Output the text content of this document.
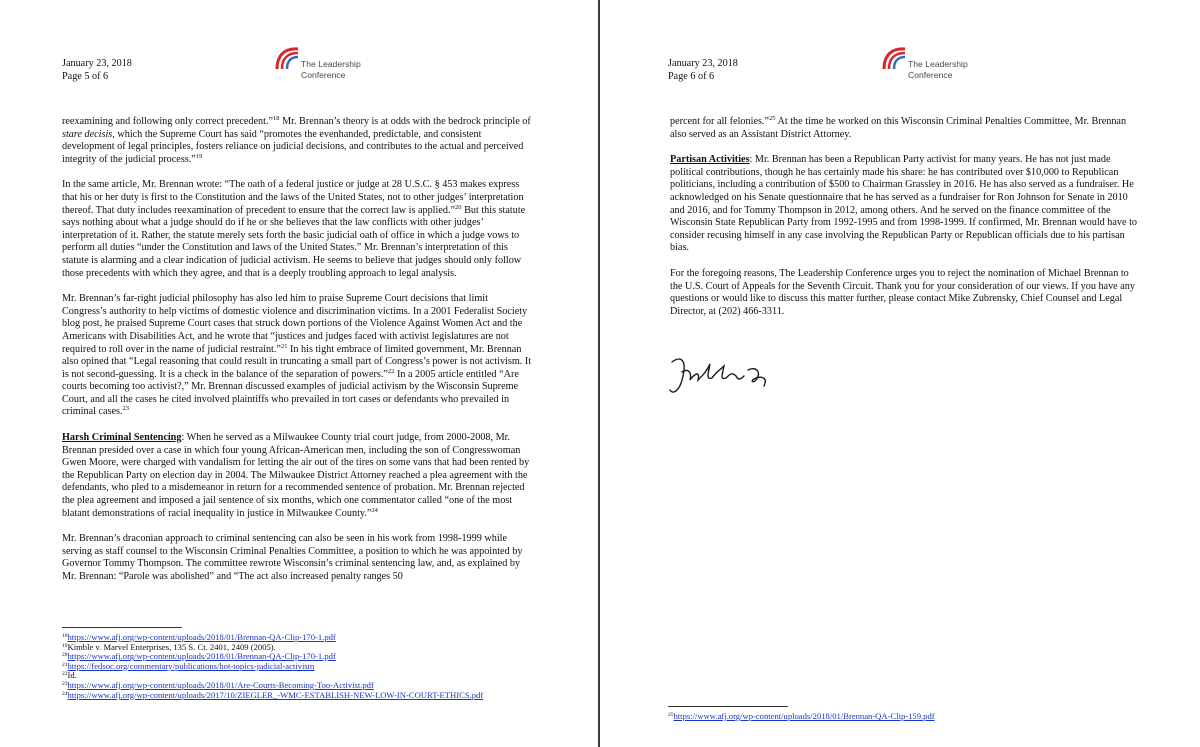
January 23, 2018
Page 5 of 6
The Leadership
Conference

reexamining and following only correct precedent.”$^{18}$ Mr. Brennan’s theory is at odds with the bedrock principle of stare decisis, which the Supreme Court has said “promotes the evenhanded, predictable, and consistent development of legal principles, fosters reliance on judicial decisions, and contributes to the actual and perceived integrity of the judicial process.”$^{19}$

In the same article, Mr. Brennan wrote: “The oath of a federal justice or judge at 28 U.S.C. § 453 makes express that his or her duty is first to the Constitution and the laws of the United States, not to other judges’ interpretation thereof. That duty includes reexamination of precedent to ensure that the correct law is applied.”$^{20}$ But this statute says nothing about what a judge should do if he or she believes that the law conflicts with other judges’ interpretation of it. Rather, the statute merely sets forth the basic judicial oath of office in which a judge vows to perform all duties “under the Constitution and laws of the United States.” Mr. Brennan’s interpretation of this statute is alarming and a clear indication of judicial activism. He seems to believe that judges should only follow those precedents with which they agree, and that is a deeply troubling approach to legal analysis.

Mr. Brennan’s far-right judicial philosophy has also led him to praise Supreme Court decisions that limit Congress’s authority to help victims of domestic violence and discrimination victims. In a 2001 Federalist Society blog post, he praised Supreme Court cases that struck down portions of the Violence Against Women Act and the Americans with Disabilities Act, and he wrote that “justices and judges faced with activist legislatures are not required to roll over in the name of judicial restraint.”$^{21}$ In his tight embrace of limited government, Mr. Brennan also opined that “Legal reasoning that could result in truncating a small part of Congress’s power is not activism. It is not second-guessing. It is a check in the balance of the separation of powers.”$^{22}$ In a 2005 article entitled “Are courts becoming too activist?,” Mr. Brennan discussed examples of judicial activism by the Wisconsin Supreme Court, and all the cases he cited involved plaintiffs who prevailed in tort cases or defendants who prevailed in criminal cases.$^{23}$

Harsh Criminal Sentencing: When he served as a Milwaukee County trial court judge, from 2000-2008, Mr. Brennan presided over a case in which four young African-American men, including the son of Congresswoman Gwen Moore, were charged with vandalism for letting the air out of the tires on some vans that had been rented by the Republican Party on election day in 2004. The Milwaukee District Attorney reached a plea agreement with the defendants, who pled to a misdemeanor in return for a recommended sentence of probation. Mr. Brennan rejected the plea agreement and imposed a jail sentence of six months, which one commentator called “one of the most blatant demonstrations of racial inequality in justice in Milwaukee County.”$^{24}$

Mr. Brennan’s draconian approach to criminal sentencing can also be seen in his work from 1998-1999 while serving as staff counsel to the Wisconsin Criminal Penalties Committee, a position to which he was appointed by Governor Tommy Thompson. The committee rewrote Wisconsin’s criminal sentencing law, and, as explained by Mr. Brennan: “Parole was abolished” and “The act also increased penalty ranges 50

$^{18}$https://www.afj.org/wp-content/uploads/2018/01/Brennan-QA-Clip-170-1.pdf
$^{19}$Kimble v. Marvel Enterprises, 135 S. Ct. 2401, 2409 (2005).
$^{20}$https://www.afj.org/wp-content/uploads/2018/01/Brennan-QA-Clip-170-1.pdf
$^{21}$https://fedsoc.org/commentary/publications/hot-topics-judicial-activism
$^{22}$Id.
$^{23}$https://www.afj.org/wp-content/uploads/2018/01/Are-Courts-Becoming-Too-Activist.pdf
$^{24}$https://www.afj.org/wp-content/uploads/2017/10/ZIEGLER_-WMC-ESTABLISH-NEW-LOW-IN-COURT-ETHICS.pdf
January 23, 2018
Page 6 of 6
The Leadership
Conference

percent for all felonies.”$^{25}$ At the time he worked on this Wisconsin Criminal Penalties Committee, Mr. Brennan also served as an Assistant District Attorney.

Partisan Activities: Mr. Brennan has been a Republican Party activist for many years. He has not just made political contributions, though he has certainly made his share: he has contributed over $10,000 to Republican politicians, including a contribution of $500 to Chairman Grassley in 2016. He has also served as a fundraiser. He acknowledged on his Senate questionnaire that he has served as a fundraiser for Ron Johnson for Senate in 2010 and 2016, and for Tommy Thompson in 2012, among others. And he served on the finance committee of the Wisconsin State Republican Party from 1992-1995 and from 1998-1999. If confirmed, Mr. Brennan would have to consider recusing himself in any case involving the Republican Party or Republican officials due to his partisan bias.

For the foregoing reasons, The Leadership Conference urges you to reject the nomination of Michael Brennan to the U.S. Court of Appeals for the Seventh Circuit. Thank you for your consideration of our views. If you have any questions or would like to discuss this matter further, please contact Mike Zubrensky, Chief Counsel and Legal Director, at (202) 466-3311.

$^{25}$https://www.afj.org/wp-content/uploads/2018/01/Brennan-QA-Clip-159.pdf
